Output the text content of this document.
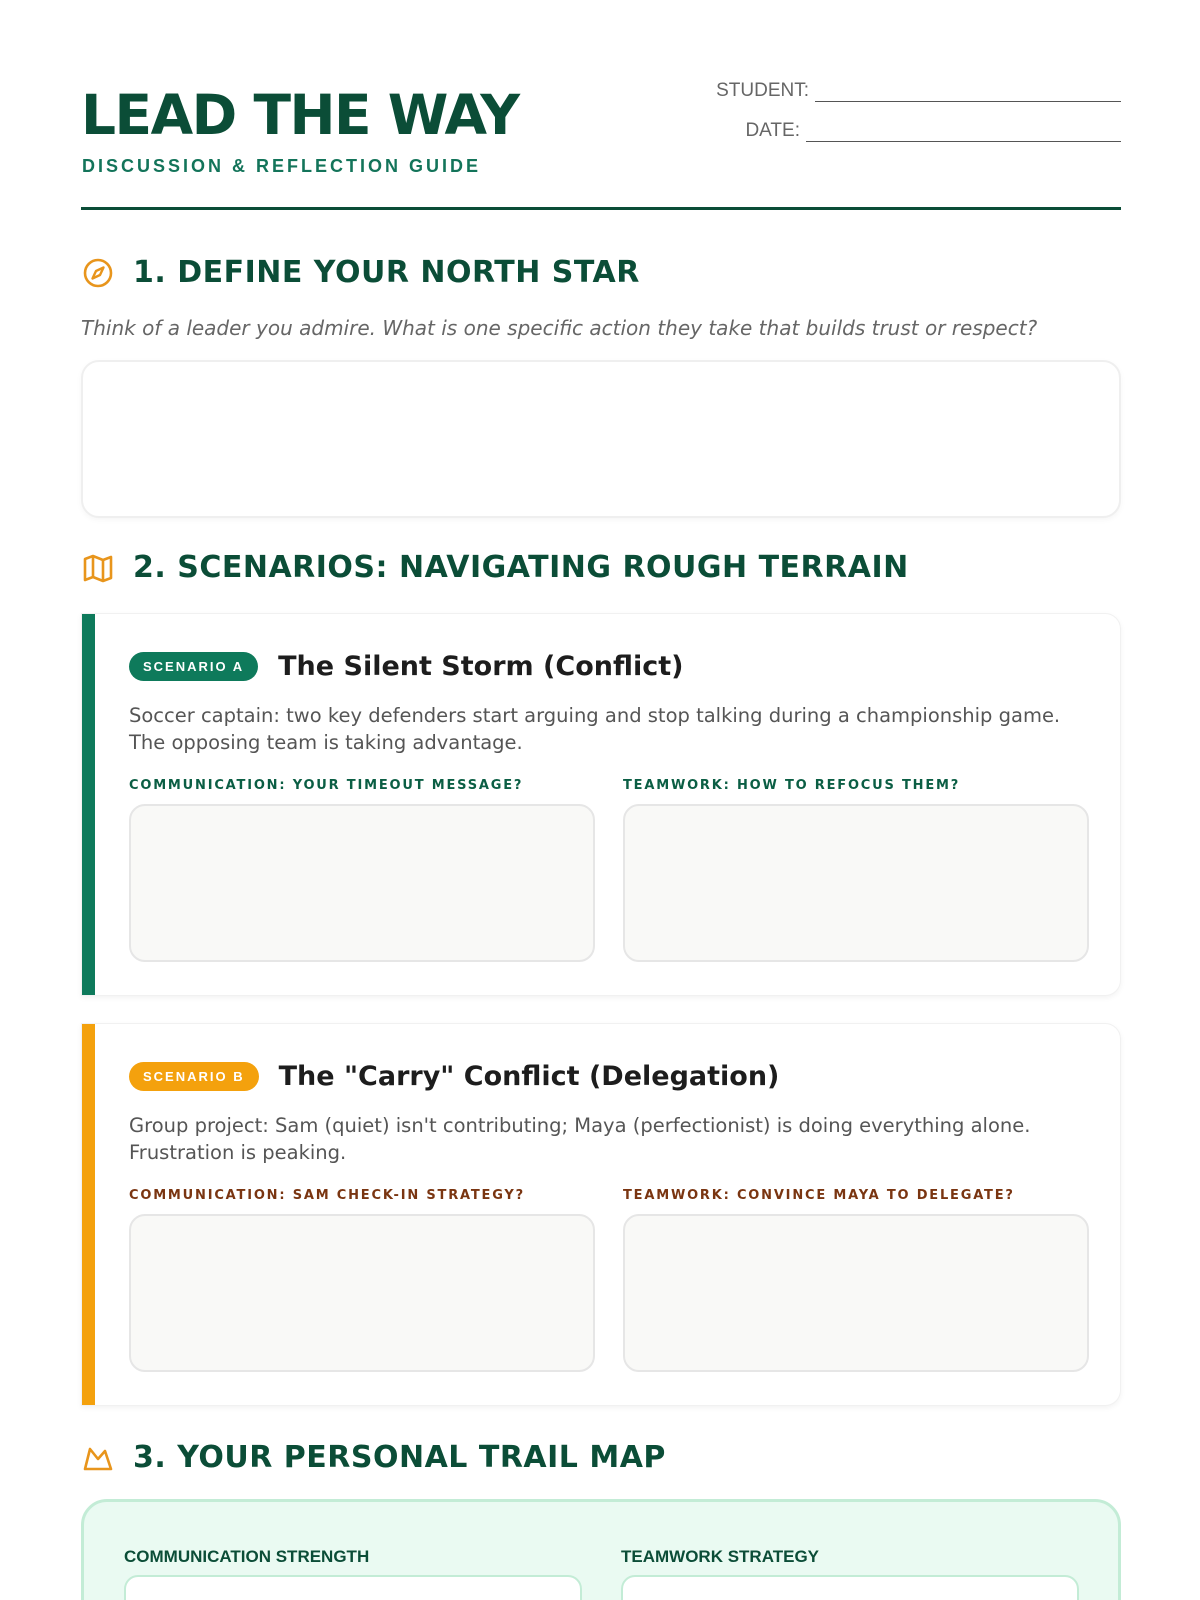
LEAD THE WAY
DISCUSSION & REFLECTION GUIDE
STUDENT:
DATE:
1. DEFINE YOUR NORTH STAR
Think of a leader you admire. What is one specific action they take that builds trust or respect?
2. SCENARIOS: NAVIGATING ROUGH TERRAIN
SCENARIO A	The Silent Storm (Conflict)
Soccer captain: two key defenders start arguing and stop talking during a championship game. The opposing team is taking advantage.
COMMUNICATION: YOUR TIMEOUT MESSAGE?	TEAMWORK: HOW TO REFOCUS THEM?
SCENARIO B	The "Carry" Conflict (Delegation)
Group project: Sam (quiet) isn't contributing; Maya (perfectionist) is doing everything alone. Frustration is peaking.
COMMUNICATION: SAM CHECK-IN STRATEGY?	TEAMWORK: CONVINCE MAYA TO DELEGATE?
3. YOUR PERSONAL TRAIL MAP
COMMUNICATION STRENGTH	TEAMWORK STRATEGY
